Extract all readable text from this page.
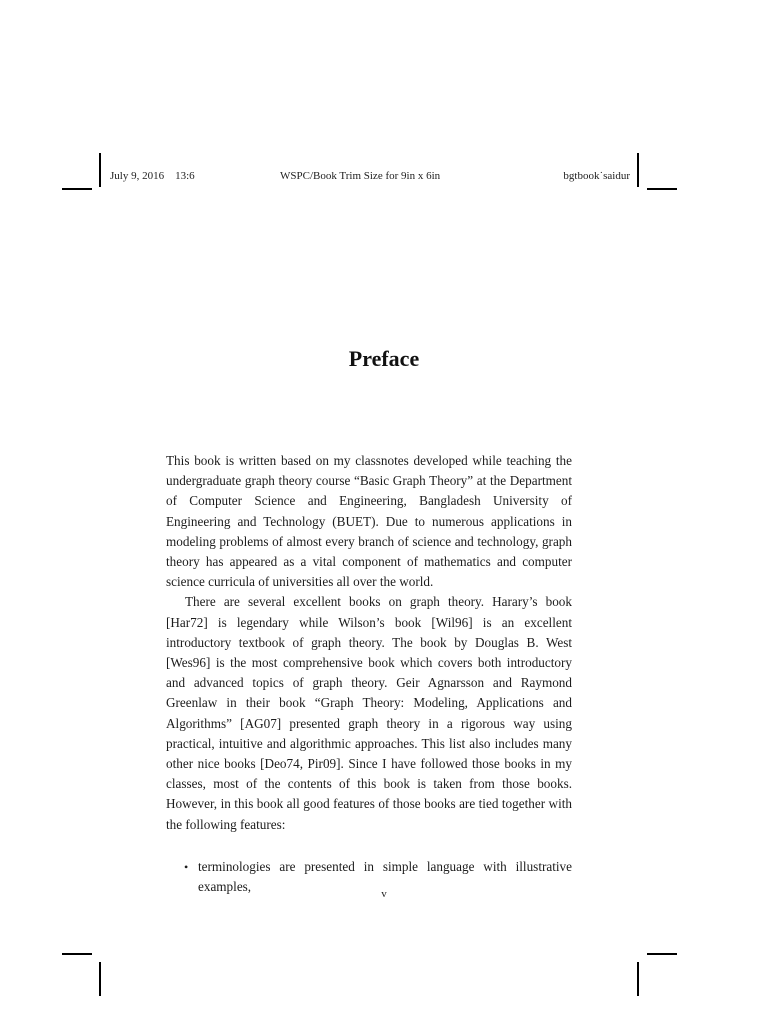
July 9, 2016    13:6	WSPC/Book Trim Size for 9in x 6in	bgtbook˙saidur
Preface

This book is written based on my classnotes developed while teaching the undergraduate graph theory course “Basic Graph Theory” at the Department of Computer Science and Engineering, Bangladesh University of Engineering and Technology (BUET). Due to numerous applications in modeling problems of almost every branch of science and technology, graph theory has appeared as a vital component of mathematics and computer science curricula of universities all over the world.

There are several excellent books on graph theory. Harary’s book [Har72] is legendary while Wilson’s book [Wil96] is an excellent introductory textbook of graph theory. The book by Douglas B. West [Wes96] is the most comprehensive book which covers both introductory and advanced topics of graph theory. Geir Agnarsson and Raymond Greenlaw in their book “Graph Theory: Modeling, Applications and Algorithms” [AG07] presented graph theory in a rigorous way using practical, intuitive and algorithmic approaches. This list also includes many other nice books [Deo74, Pir09]. Since I have followed those books in my classes, most of the contents of this book is taken from those books. However, in this book all good features of those books are tied together with the following features:

• terminologies are presented in simple language with illustrative examples,	v
